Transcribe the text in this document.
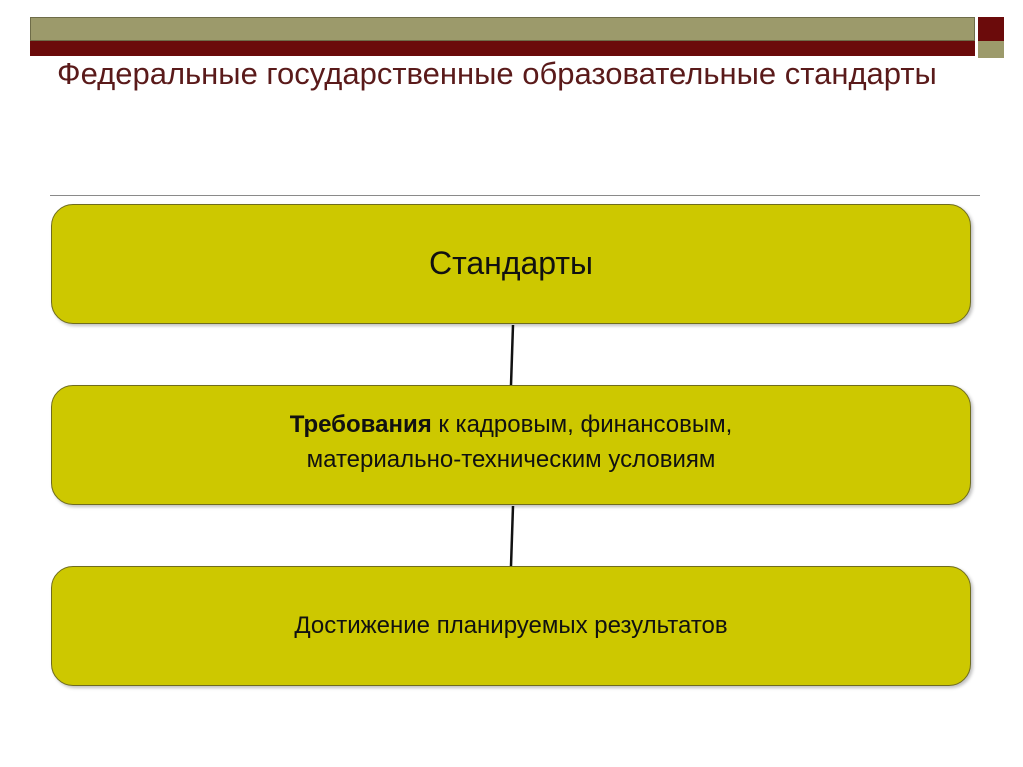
Федеральные государственные образовательные стандарты
Стандарты
Требования к кадровым, финансовым,
материально-техническим условиям
Достижение планируемых результатов
